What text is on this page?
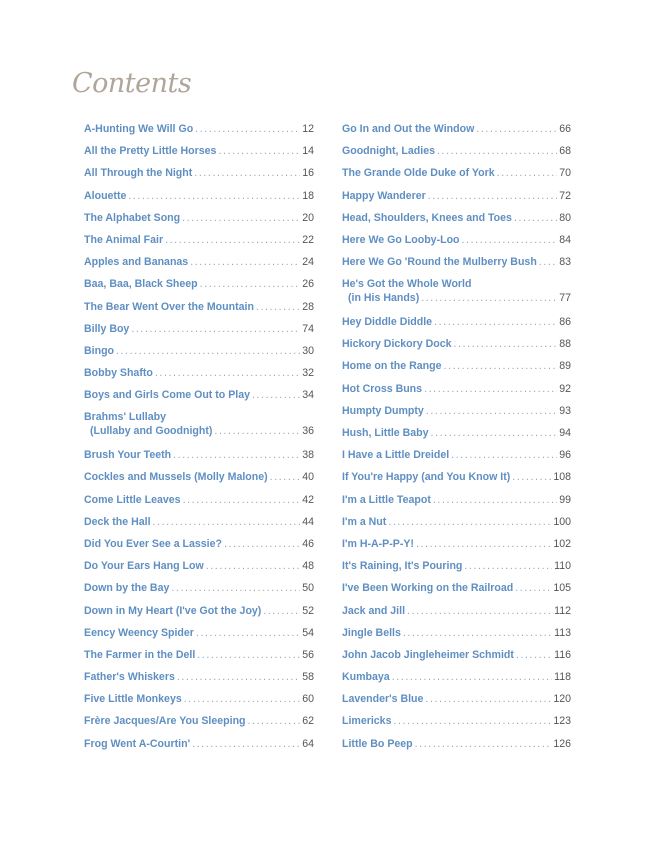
Contents
A-Hunting We Will Go .....	12
All the Pretty Little Horses .....	14
All Through the Night .....	16
Alouette .....	18
The Alphabet Song .....	20
The Animal Fair .....	22
Apples and Bananas .....	24
Baa, Baa, Black Sheep .....	26
The Bear Went Over the Mountain .....	28
Billy Boy .....	74
Bingo .....	30
Bobby Shafto .....	32
Boys and Girls Come Out to Play .....	34
Brahms' Lullaby
(Lullaby and Goodnight) .....	36
Brush Your Teeth .....	38
Cockles and Mussels (Molly Malone) .....	40
Come Little Leaves .....	42
Deck the Hall .....	44
Did You Ever See a Lassie? .....	46
Do Your Ears Hang Low .....	48
Down by the Bay .....	50
Down in My Heart (I've Got the Joy) .....	52
Eency Weency Spider .....	54
The Farmer in the Dell .....	56
Father's Whiskers .....	58
Five Little Monkeys .....	60
Frère Jacques/Are You Sleeping .....	62
Frog Went A-Courtin' .....	64
Go In and Out the Window .....	66
Goodnight, Ladies .....	68
The Grande Olde Duke of York .....	70
Happy Wanderer .....	72
Head, Shoulders, Knees and Toes .....	80
Here We Go Looby-Loo .....	84
Here We Go 'Round the Mulberry Bush ..... 83
He's Got the Whole World
(in His Hands) .....	77
Hey Diddle Diddle .....	86
Hickory Dickory Dock .....	88
Home on the Range .....	89
Hot Cross Buns .....	92
Humpty Dumpty .....	93
Hush, Little Baby .....	94
I Have a Little Dreidel .....	96
If You're Happy (and You Know It) .....	108
I'm a Little Teapot .....	99
I'm a Nut .....	100
I'm H-A-P-P-Y! .....	102
It's Raining, It's Pouring .....	110
I've Been Working on the Railroad .....	105
Jack and Jill .....	112
Jingle Bells .....	113
John Jacob Jingleheimer Schmidt .....	116
Kumbaya .....	118
Lavender's Blue .....	120
Limericks .....	123
Little Bo Peep .....	126
